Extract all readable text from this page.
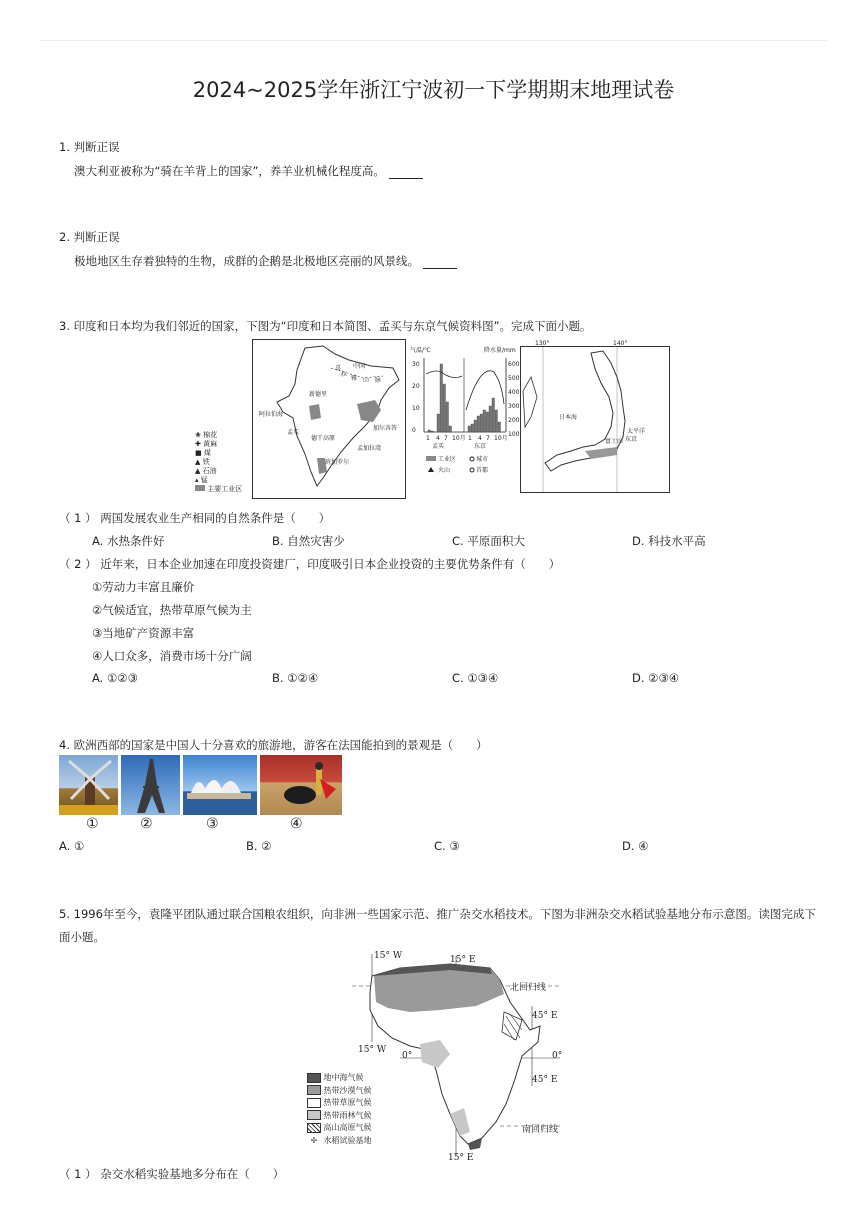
2024~2025学年浙江宁波初一下学期期末地理试卷
1. 判断正误
澳大利亚被称为“骑在羊背上的国家”，养羊业机械化程度高。
2. 判断正误
极地地区生存着独特的生物，成群的企鹅是北极地区亮丽的风景线。
3. 印度和日本均为我们邻近的国家，下图为“印度和日本简图、孟买与东京气候资料图”。完成下面小题。
中国
喜
拉
雅 山 脉
新德里
加尔各答
孟买
孟加拉湾
班加罗尔
德干高原
阿拉伯海
❀ 棉花
✚ 黄麻
■ 煤
▲ 铁
▲ 石油
▴ 锰
主要工业区
气温/℃	降水量/mm
600
500
400
300
200
100
30
20
10
0
1 4 7 10月 1 4 7 10月
孟买	东京
工业区	城市
火山	首都
130°	140°
日本海
太平洋
富士山 东京
（ 1 ） 两国发展农业生产相同的自然条件是（　　）
A. 水热条件好	B. 自然灾害少	C. 平原面积大	D. 科技水平高
（ 2 ） 近年来，日本企业加速在印度投资建厂，印度吸引日本企业投资的主要优势条件有（　　）
①劳动力丰富且廉价
②气候适宜，热带草原气候为主
③当地矿产资源丰富
④人口众多，消费市场十分广阔
A. ①②③	B. ①②④	C. ①③④	D. ②③④
4. 欧洲西部的国家是中国人十分喜欢的旅游地，游客在法国能拍到的景观是（　　）
①	②	③	④
A. ①	B. ②	C. ③	D. ④
5. 1996年至今，袁隆平团队通过联合国粮农组织，向非洲一些国家示范、推广杂交水稻技术。下图为非洲杂交水稻试验基地分布示意图。读图完成下
面小题。
15° W	15° E
北回归线
45° E
15° W
0°	0°
45° E
南回归线
15° E
地中海气候
热带沙漠气候
热带草原气候
热带雨林气候
高山高原气候
✢ 水稻试验基地
（ 1 ） 杂交水稻实验基地多分布在（　　）
